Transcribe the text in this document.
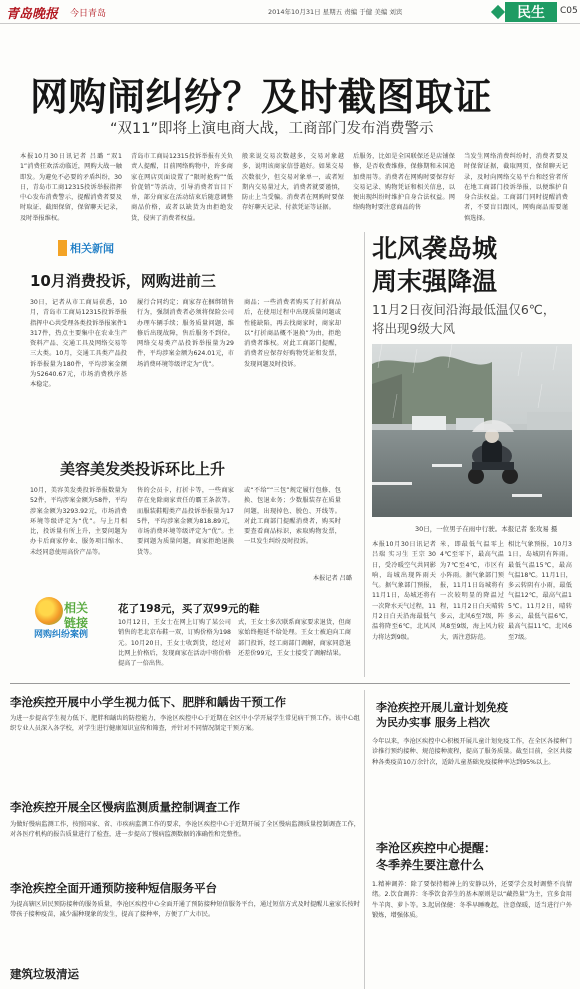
青岛晚报 今日青岛	2014年10月31日 星期五 责编 于健 美编 刘宾	民生 C05
网购闹纠纷？及时截图取证
“双11”即将上演电商大战，工商部门发布消费警示
本报10月30日讯记者 吕璐 “双11”消费狂欢活动临近，网购大战一触即发。为避免不必要的矛盾纠纷，30日，青岛市工商12315投诉举报指挥中心发布消费警示，提醒消费者要及时取证、截图保留，保留聊天记录，及时举报维权。
青岛市工商局12315投诉举报有关负责人提醒，目前网络购物中，许多商家在网店页面设置了“限时抢购”“低价促销”等活动，引导消费者盲目下单，部分商家在活动结束后随意调整商品价格，或者以缺货为由拒绝发货，侵害了消费者权益。
般来说交易次数越多，交易对象越多，说明该商家信誉越好。如果交易次数很少，但交易对象单一，或者短期内交易量过大，消费者就要谨慎，防止上当受骗。消费者在网购时要保存好聊天记录、付款凭证等证据。
后服务，比如是全国联保还是店铺保修，是否收费维修，保修期和未国追加费用等。消费者在网购时要保存好交易记录、购物凭证和相关信息，以便出现纠纷时维护自身合法权益。网络购物时要注意商品的售
当发生网络消费纠纷时，消费者要及时保留证据，截取网页，保留聊天记录，及时向网络交易平台和经营者所在地工商部门投诉举报，以便维护自身合法权益。工商部门同时提醒消费者，不要盲目跟风，网购商品需要谨慎选择。
相关新闻
10月消费投诉，网购进前三
30日，记者从市工商局获悉，10月，青岛市工商局12315投诉举报指挥中心共受理各类投诉举报案件1317件，热点主要集中在农业生产资料产品、交通工具及网络交易等三大类。10月，交通工具类产品投诉举报量为180件，平均涉案金额为52640.67元，市场消费秩序基本稳定。
履行合同约定；商家存在捆绑销售行为，强制消费者必须将保险公司办理车辆手续；服务质量问题，维修后出现故障，售后服务不到位。网络交易类产品投诉举报量为29件，平均涉案金额为624.01元，市场消费环境等级评定为“优”。
商品；一些消费者购买了打折商品后，在使用过程中出现质量问题或性能缺陷，再去找商家时，商家却以“打折商品概不退换”为由，拒绝消费者维权。对此工商部门提醒，消费者应保存好购物凭证和发票，发现问题及时投诉。
美容美发类投诉环比上升
10月，美容美发类投诉举报数量为52件，平均涉案金额为58件，平均涉案金额为3293.92元，市场消费环境等级评定为“优”。与上月相比，投诉量有所上升，主要问题为办卡后商家停业、服务项目缩水、未经同意使用高价产品等。
售的会员卡，打折卡等，一些商家存在免除商家责任的霸王条款等。而服装鞋帽类产品投诉举报量为175件，平均涉案金额为818.89元，市场消费环境等级评定为“优”。主要问题为质量问题，商家拒绝退换货等。
或“不给”“三包”规定履行包修、包换、包退业务；少数服装存在质量问题，出现掉色、脱色、开线等。对此工商部门提醒消费者，购买时要查看商品标识，索取购物发票，一旦发生纠纷及时投诉。
本报记者 吕璐
相关
链接
网购纠纷案例
花了198元，买了双99元的鞋
10月12日，王女士在网上订购了某公司销售的老北京布鞋一双，订购价格为198元。10月20日，王女士收到货，经过对比网上价格后，发现商家在活动中将价格提高了一倍出售。
式，王女士多次联系商家要求退货，但商家始终拖延不给处理。王女士被迫向工商部门投诉，经工商部门调解，商家同意退还差价99元，王女士接受了调解结果。
北风袭岛城
周末强降温
11月2日夜间沿海最低温仅6℃，
将出现9级大风
30日，一位男子在雨中行驶。本报记者 张攻易 摄
本报10月30日讯记者 吕瑞 实习生 王宗 30日，受冷暖空气共同影响，岛城出现阵雨天气。据气象部门预报，11月1日，岛城还将有一次降水天气过程，11月2日白天沿海最低气温将降至6℃，北风风力将达到9级。
米，即最低气温零上4℃至零下，最高气温为7℃至4℃，市区有小阵雨。据气象部门预报，11月1日岛城将有一次较明显的降温过程，11月2日白天晴转多云，北风6至7级，阵风8至9级，海上风力较大，需注意防范。
相比气象预报，10月31日，岛城阴有阵雨。最低气温15℃，最高气温18℃。11月1日，多云转阴有小雨，最低气温12℃，最高气温15℃。11月2日，晴转多云，最低气温6℃，最高气温11℃，北风6至7级。
李沧疾控开展中小学生视力低下、肥胖和龋齿干预工作
为进一步提高学生视力低下、肥胖和龋齿的防控能力，李沧区疾控中心于近期在全区中小学开展学生常见病干预工作。该中心组织专业人员深入各学校，对学生进行健康知识宣传和筛查，并针对不同情况制定干预方案。
李沧疾控开展全区慢病监测质量控制调查工作
为做好慢病监测工作，按照国家、省、市疾病监测工作的要求，李沧区疾控中心于近期开展了全区慢病监测质量控制调查工作，对各医疗机构的报告质量进行了检查，进一步提高了慢病监测数据的准确性和完整性。
李沧疾控全面开通预防接种短信服务平台
为提高辖区居民预防接种的服务质量，李沧区疾控中心全面开通了预防接种短信服务平台，通过短信方式及时提醒儿童家长按时带孩子接种疫苗，减少漏种现象的发生，提高了接种率，方便了广大市民。
建筑垃圾清运
李沧疾控开展儿童计划免疫
为民办实事 服务上档次
今年以来，李沧区疾控中心积极开展儿童计划免疫工作，在全区各接种门诊推行预约接种、规范接种流程，提高了服务质量。截至目前，全区共接种各类疫苗10万余针次，适龄儿童基础免疫接种率达到95%以上。
李沧区疾控中心提醒：
冬季养生要注意什么
1.精神调养：除了要保持精神上的安静以外，还要学会及时调整不良情绪。2.饮食调养：冬季饮食养生的基本原则是以“藏热量”为主，宜多食用牛羊肉、萝卜等。3.起居保健：冬季早睡晚起，注意保暖，适当进行户外锻炼，增强体质。
